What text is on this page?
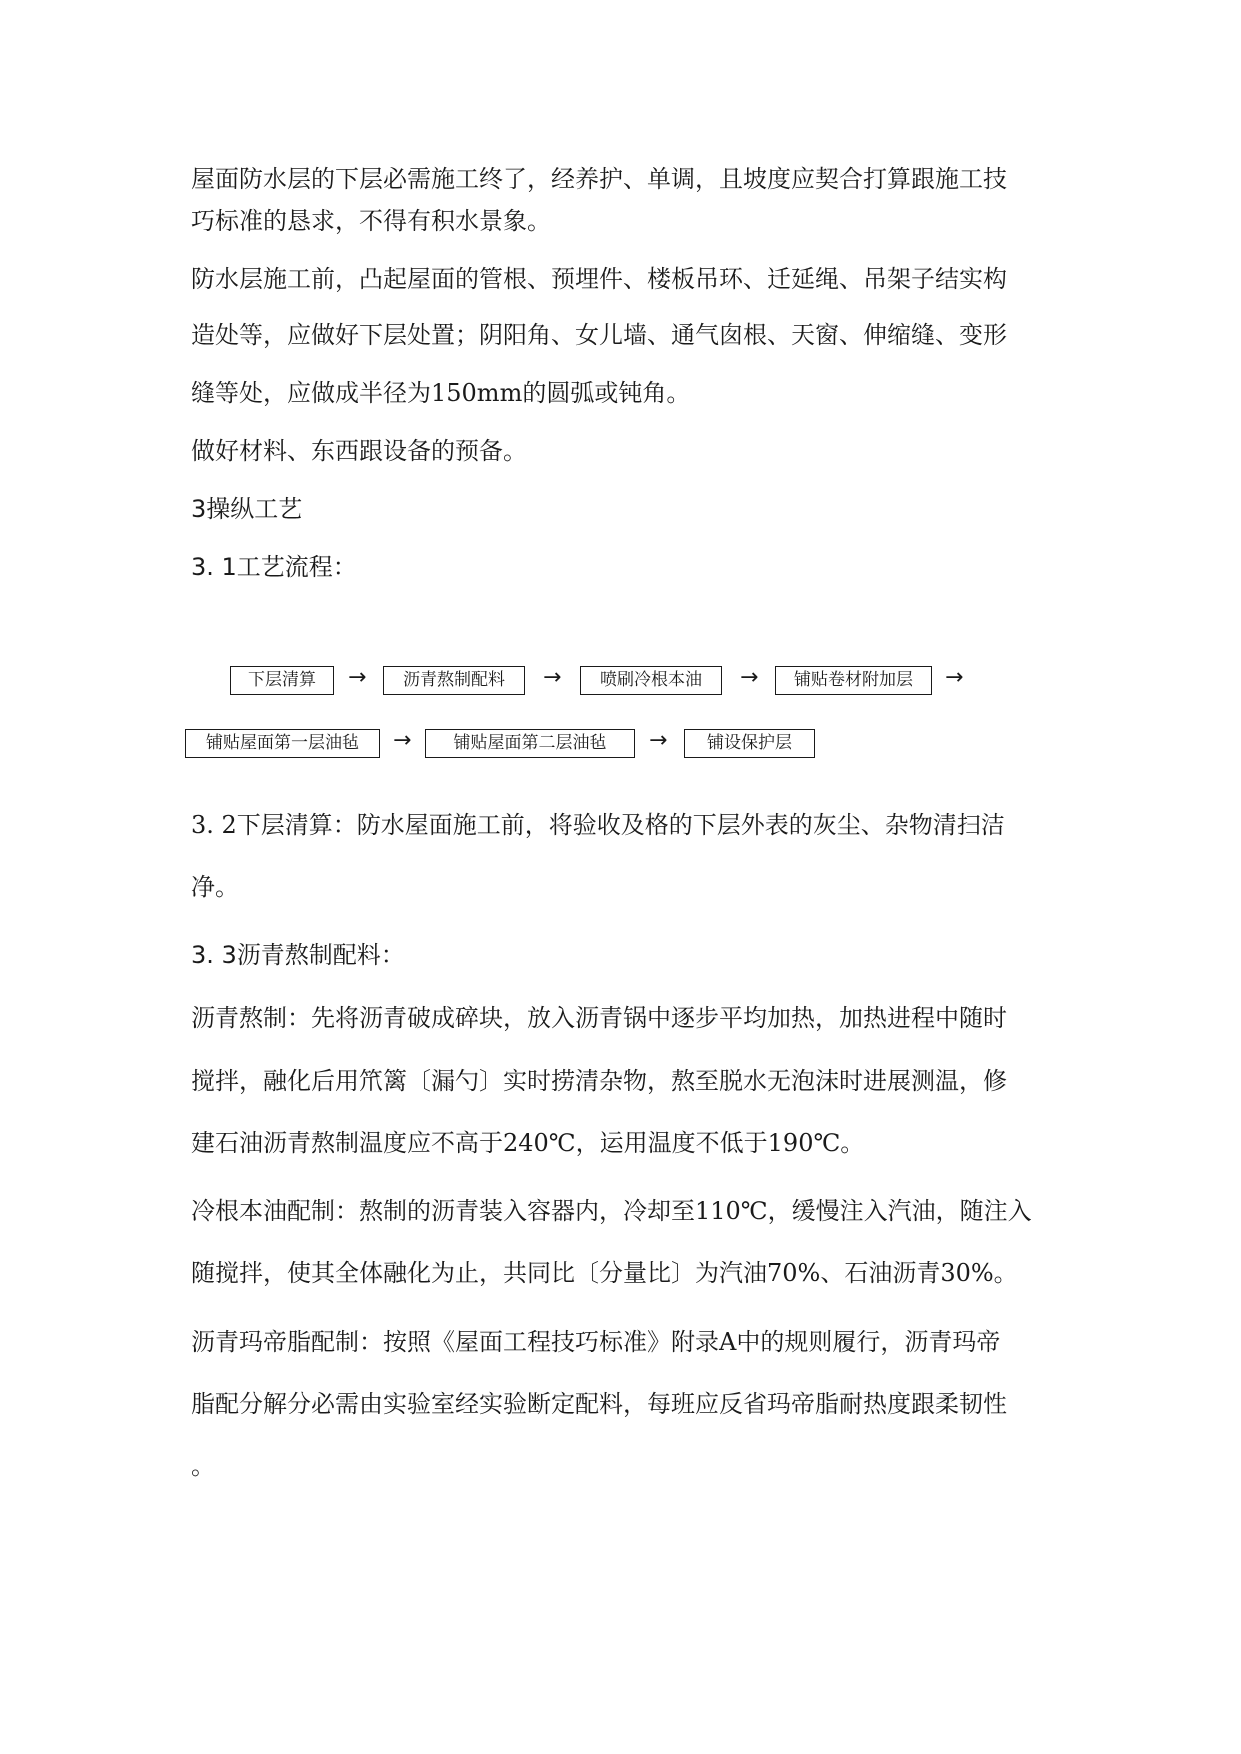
屋面防水层的下层必需施工终了，经养护、单调，且坡度应契合打算跟施工技

巧标准的恳求，不得有积水景象。

防水层施工前，凸起屋面的管根、预埋件、楼板吊环、迁延绳、吊架子结实构

造处等，应做好下层处置；阴阳角、女儿墙、通气囱根、天窗、伸缩缝、变形

缝等处，应做成半径为150mm的圆弧或钝角。

做好材料、东西跟设备的预备。

3操纵工艺

3. 1工艺流程：

下层清算	→	沥青熬制配料	→	喷刷冷根本油	→	铺贴卷材附加层	→
铺贴屋面第一层油毡	→	铺贴屋面第二层油毡	→	铺设保护层

3. 2下层清算：防水屋面施工前，将验收及格的下层外表的灰尘、杂物清扫洁

净。

3. 3沥青熬制配料：

沥青熬制：先将沥青破成碎块，放入沥青锅中逐步平均加热，加热进程中随时

搅拌，融化后用笊篱〔漏勺〕实时捞清杂物，熬至脱水无泡沫时进展测温，修

建石油沥青熬制温度应不高于240℃，运用温度不低于190℃。

冷根本油配制：熬制的沥青装入容器内，冷却至110℃，缓慢注入汽油，随注入

随搅拌，使其全体融化为止，共同比〔分量比〕为汽油70%、石油沥青30%。

沥青玛帝脂配制：按照《屋面工程技巧标准》附录A中的规则履行，沥青玛帝

脂配分解分必需由实验室经实验断定配料，每班应反省玛帝脂耐热度跟柔韧性

。
